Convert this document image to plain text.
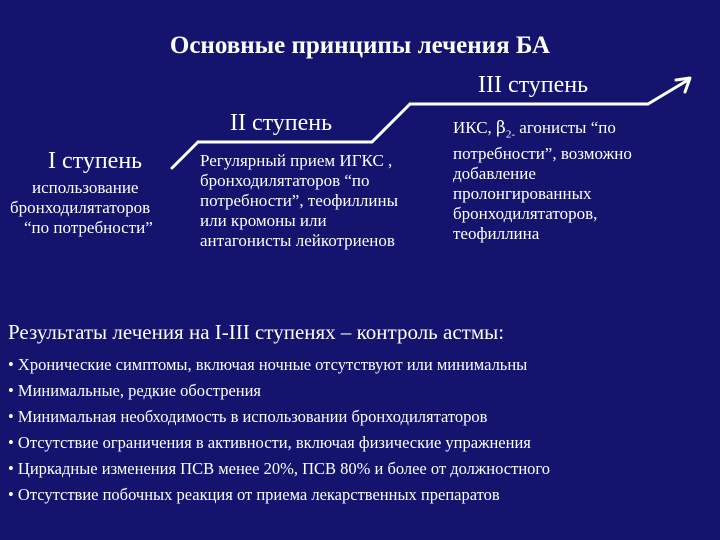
Основные принципы лечения БА
I ступень
использование
бронходилятаторов
“по потребности”
II ступень
Регулярный прием ИГКС ,
бронходилятаторов “по
потребности”, теофиллины
или кромоны или
антагонисты лейкотриенов
III ступень
ИКС, $\beta_{2-}$ агонисты “по
потребности”, возможно
добавление
пролонгированных
бронходилятаторов,
теофиллина
Результаты лечения на I-III ступенях – контроль астмы:
• Хронические симптомы, включая ночные отсутствуют или минимальны
• Минимальные, редкие обострения
• Минимальная необходимость в использовании бронходилятаторов
• Отсутствие ограничения в активности, включая физические упражнения
• Циркадные изменения ПСВ менее 20%, ПСВ 80% и более от должностного
• Отсутствие побочных реакция от приема лекарственных препаратов
